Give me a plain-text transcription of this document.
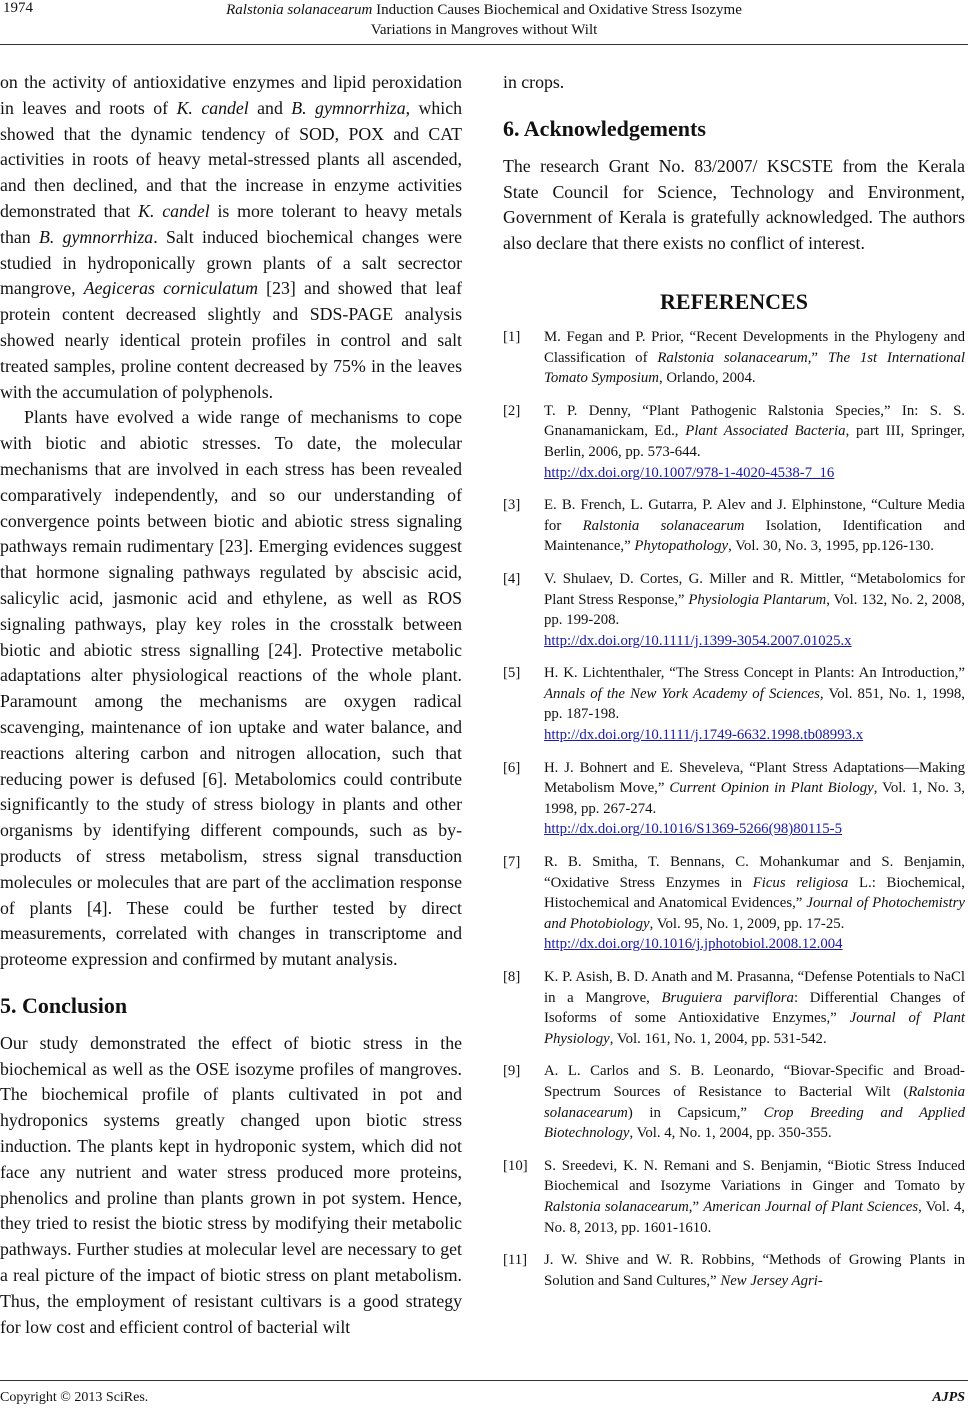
1974	Ralstonia solanacearum Induction Causes Biochemical and Oxidative Stress Isozyme
Variations in Mangroves without Wilt

on the activity of antioxidative enzymes and lipid peroxidation in leaves and roots of K. candel and B. gymnorrhiza, which showed that the dynamic tendency of SOD, POX and CAT activities in roots of heavy metal-stressed plants all ascended, and then declined, and that the increase in enzyme activities demonstrated that K. candel is more tolerant to heavy metals than B. gymnorrhiza. Salt induced biochemical changes were studied in hydroponically grown plants of a salt secrector mangrove, Aegiceras corniculatum [23] and showed that leaf protein content decreased slightly and SDS-PAGE analysis showed nearly identical protein profiles in control and salt treated samples, proline content decreased by 75% in the leaves with the accumulation of polyphenols.

Plants have evolved a wide range of mechanisms to cope with biotic and abiotic stresses. To date, the molecular mechanisms that are involved in each stress has been revealed comparatively independently, and so our understanding of convergence points between biotic and abiotic stress signaling pathways remain rudimentary [23]. Emerging evidences suggest that hormone signaling pathways regulated by abscisic acid, salicylic acid, jasmonic acid and ethylene, as well as ROS signaling pathways, play key roles in the crosstalk between biotic and abiotic stress signalling [24]. Protective metabolic adaptations alter physiological reactions of the whole plant. Paramount among the mechanisms are oxygen radical scavenging, maintenance of ion uptake and water balance, and reactions altering carbon and nitrogen allocation, such that reducing power is defused [6]. Metabolomics could contribute significantly to the study of stress biology in plants and other organisms by identifying different compounds, such as by-products of stress metabolism, stress signal transduction molecules or molecules that are part of the acclimation response of plants [4]. These could be further tested by direct measurements, correlated with changes in transcriptome and proteome expression and confirmed by mutant analysis.

5. Conclusion

Our study demonstrated the effect of biotic stress in the biochemical as well as the OSE isozyme profiles of mangroves. The biochemical profile of plants cultivated in pot and hydroponics systems greatly changed upon biotic stress induction. The plants kept in hydroponic system, which did not face any nutrient and water stress produced more proteins, phenolics and proline than plants grown in pot system. Hence, they tried to resist the biotic stress by modifying their metabolic pathways. Further studies at molecular level are necessary to get a real picture of the impact of biotic stress on plant metabolism. Thus, the employment of resistant cultivars is a good strategy for low cost and efficient control of bacterial wilt

in crops.

6. Acknowledgements

The research Grant No. 83/2007/ KSCSTE from the Kerala State Council for Science, Technology and Environment, Government of Kerala is gratefully acknowledged. The authors also declare that there exists no conflict of interest.

REFERENCES
[1] M. Fegan and P. Prior, “Recent Developments in the Phylogeny and Classification of Ralstonia solanacearum,” The 1st International Tomato Symposium, Orlando, 2004.
[2] T. P. Denny, “Plant Pathogenic Ralstonia Species,” In: S. S. Gnanamanickam, Ed., Plant Associated Bacteria, part III, Springer, Berlin, 2006, pp. 573-644.
http://dx.doi.org/10.1007/978-1-4020-4538-7_16
[3] E. B. French, L. Gutarra, P. Alev and J. Elphinstone, “Culture Media for Ralstonia solanacearum Isolation, Identification and Maintenance,” Phytopathology, Vol. 30, No. 3, 1995, pp.126-130.
[4] V. Shulaev, D. Cortes, G. Miller and R. Mittler, “Metabolomics for Plant Stress Response,” Physiologia Plantarum, Vol. 132, No. 2, 2008, pp. 199-208.
http://dx.doi.org/10.1111/j.1399-3054.2007.01025.x
[5] H. K. Lichtenthaler, “The Stress Concept in Plants: An Introduction,” Annals of the New York Academy of Sciences, Vol. 851, No. 1, 1998, pp. 187-198.
http://dx.doi.org/10.1111/j.1749-6632.1998.tb08993.x
[6] H. J. Bohnert and E. Sheveleva, “Plant Stress Adaptations—Making Metabolism Move,” Current Opinion in Plant Biology, Vol. 1, No. 3, 1998, pp. 267-274.
http://dx.doi.org/10.1016/S1369-5266(98)80115-5
[7] R. B. Smitha, T. Bennans, C. Mohankumar and S. Benjamin, “Oxidative Stress Enzymes in Ficus religiosa L.: Biochemical, Histochemical and Anatomical Evidences,” Journal of Photochemistry and Photobiology, Vol. 95, No. 1, 2009, pp. 17-25.
http://dx.doi.org/10.1016/j.jphotobiol.2008.12.004
[8] K. P. Asish, B. D. Anath and M. Prasanna, “Defense Potentials to NaCl in a Mangrove, Bruguiera parviflora: Differential Changes of Isoforms of some Antioxidative Enzymes,” Journal of Plant Physiology, Vol. 161, No. 1, 2004, pp. 531-542.
[9] A. L. Carlos and S. B. Leonardo, “Biovar-Specific and Broad-Spectrum Sources of Resistance to Bacterial Wilt (Ralstonia solanacearum) in Capsicum,” Crop Breeding and Applied Biotechnology, Vol. 4, No. 1, 2004, pp. 350-355.
[10] S. Sreedevi, K. N. Remani and S. Benjamin, “Biotic Stress Induced Biochemical and Isozyme Variations in Ginger and Tomato by Ralstonia solanacearum,” American Journal of Plant Sciences, Vol. 4, No. 8, 2013, pp. 1601-1610.
[11] J. W. Shive and W. R. Robbins, “Methods of Growing Plants in Solution and Sand Cultures,” New Jersey Agri-
Copyright © 2013 SciRes.	AJPS
